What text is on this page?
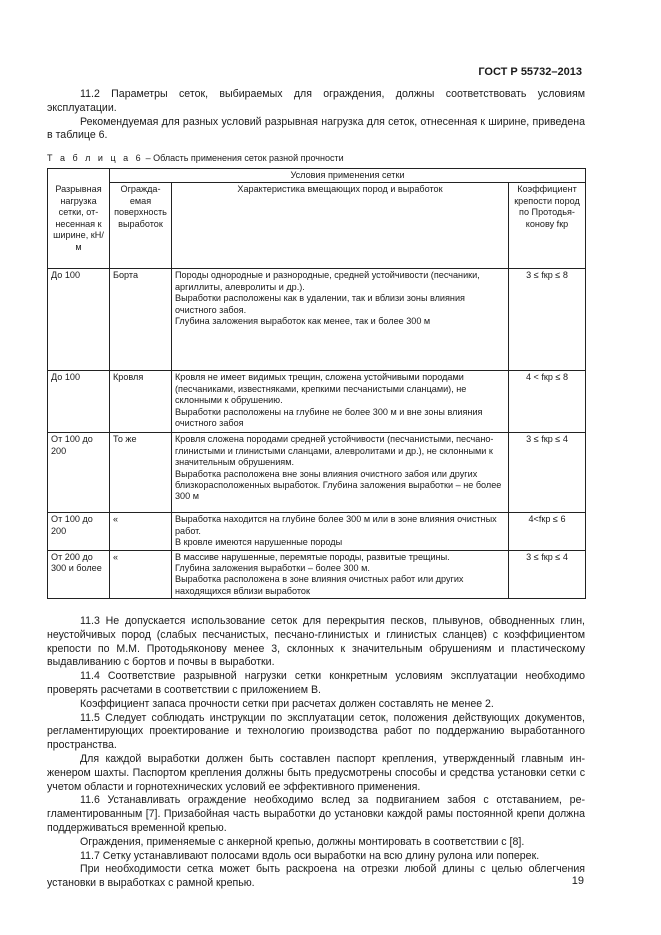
ГОСТ Р 55732–2013

11.2 Параметры сеток, выбираемых для ограждения, должны соответствовать условиям эксплуатации.

Рекомендуемая для разных условий разрывная нагрузка для сеток, отнесенная к ширине, приведена в таблице 6.

Т а б л и ц а 6 – Область применения сеток разной прочности
Разрывная нагрузка сетки, отнесенная к ширине, кН/м	Условия применения сетки		
	Ограждаемая поверхность выработок	Характеристика вмещающих пород и выработок	Коэффициент крепости пород по Протодьяконову fкр
До 100	Борта	Породы однородные и разнородные, средней устойчивости (песчаники, аргиллиты, алевролиты и др.).

Выработки расположены как в удалении, так и вблизи зоны влияния очистного забоя.

Глубина заложения выработок как менее, так и более 300 м	3 ≤ fкр ≤ 8
До 100	Кровля	Кровля не имеет видимых трещин, сложена устойчивыми породами (песчаниками, известняками, крепкими песчанистыми сланцами), не склонными к обрушению.

Выработки расположены на глубине не более 300 м и вне зоны влияния очистного забоя	4 < fкр ≤ 8
От 100 до 200	То же	Кровля сложена породами средней устойчивости (песчанистыми, песчано-глинистыми и глинистыми сланцами, алевролитами и др.), не склонными к значительным обрушениям.

Выработка расположена вне зоны влияния очистного забоя или других близкорасположенных выработок. Глубина заложения выработки – не более 300 м	3 ≤ fкр ≤ 4
От 100 до 200	«	Выработка находится на глубине более 300 м или в зоне влияния очистных работ.

В кровле имеются нарушенные породы	4<fкр ≤ 6
От 200 до 300 и более	«	В массиве нарушенные, перемятые породы, развитые трещины.

Глубина заложения выработки – более 300 м.

Выработка расположена в зоне влияния очистных работ или других находящихся вблизи выработок	3 ≤ fкр ≤ 4

11.3 Не допускается использование сеток для перекрытия песков, плывунов, обводненных глин, неустойчивых пород (слабых песчанистых, песчано-глинистых и глинистых сланцев) с коэффициентом крепости по М.М. Протодьяконову менее 3, склонных к значительным обрушениям и пластическому выдавливанию с бортов и почвы в выработки.

11.4 Соответствие разрывной нагрузки сетки конкретным условиям эксплуатации необходимо проверять расчетами в соответствии с приложением В.

Коэффициент запаса прочности сетки при расчетах должен составлять не менее 2.

11.5 Следует соблюдать инструкции по эксплуатации сеток, положения действующих документов, регламентирующих проектирование и технологию производства работ по поддержанию выработанного пространства.

Для каждой выработки должен быть составлен паспорт крепления, утвержденный главным инженером шахты. Паспортом крепления должны быть предусмотрены способы и средства установки сетки с учетом области и горнотехнических условий ее эффективного применения.

11.6 Устанавливать ограждение необходимо вслед за подвиганием забоя с отставанием, регламентированным [7]. Призабойная часть выработки до установки каждой рамы постоянной крепи должна поддерживаться временной крепью.

Ограждения, применяемые с анкерной крепью, должны монтировать в соответствии с [8].

11.7 Сетку устанавливают полосами вдоль оси выработки на всю длину рулона или поперек.

При необходимости сетка может быть раскроена на отрезки любой длины с целью облегчения установки в выработках с рамной крепью.	19
